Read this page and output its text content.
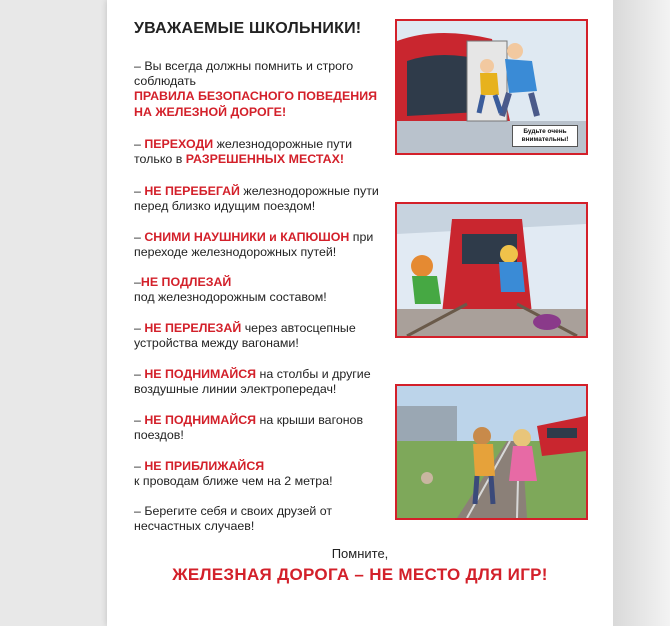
УВАЖАЕМЫЕ ШКОЛЬНИКИ!
– Вы всегда должны помнить и строго соблюдать
ПРАВИЛА БЕЗОПАСНОГО ПОВЕДЕНИЯ НА ЖЕЛЕЗНОЙ ДОРОГЕ!
– ПЕРЕХОДИ железнодорожные пути только в РАЗРЕШЕННЫХ МЕСТАХ!
– НЕ ПЕРЕБЕГАЙ железнодорожные пути перед близко идущим поездом!
– СНИМИ НАУШНИКИ и КАПЮШОН при переходе железнодорожных путей!
–НЕ ПОДЛЕЗАЙ
под железнодорожным составом!
– НЕ ПЕРЕЛЕЗАЙ через автосцепные устройства между вагонами!
– НЕ ПОДНИМАЙСЯ на столбы и другие воздушные линии электропередач!
– НЕ ПОДНИМАЙСЯ на крыши вагонов поездов!
– НЕ ПРИБЛИЖАЙСЯ
к проводам ближе чем на 2 метра!
– Берегите себя и своих друзей от несчастных случаев!
Помните,
ЖЕЛЕЗНАЯ ДОРОГА – НЕ МЕСТО ДЛЯ ИГР!
Будьте очень внимательны!
